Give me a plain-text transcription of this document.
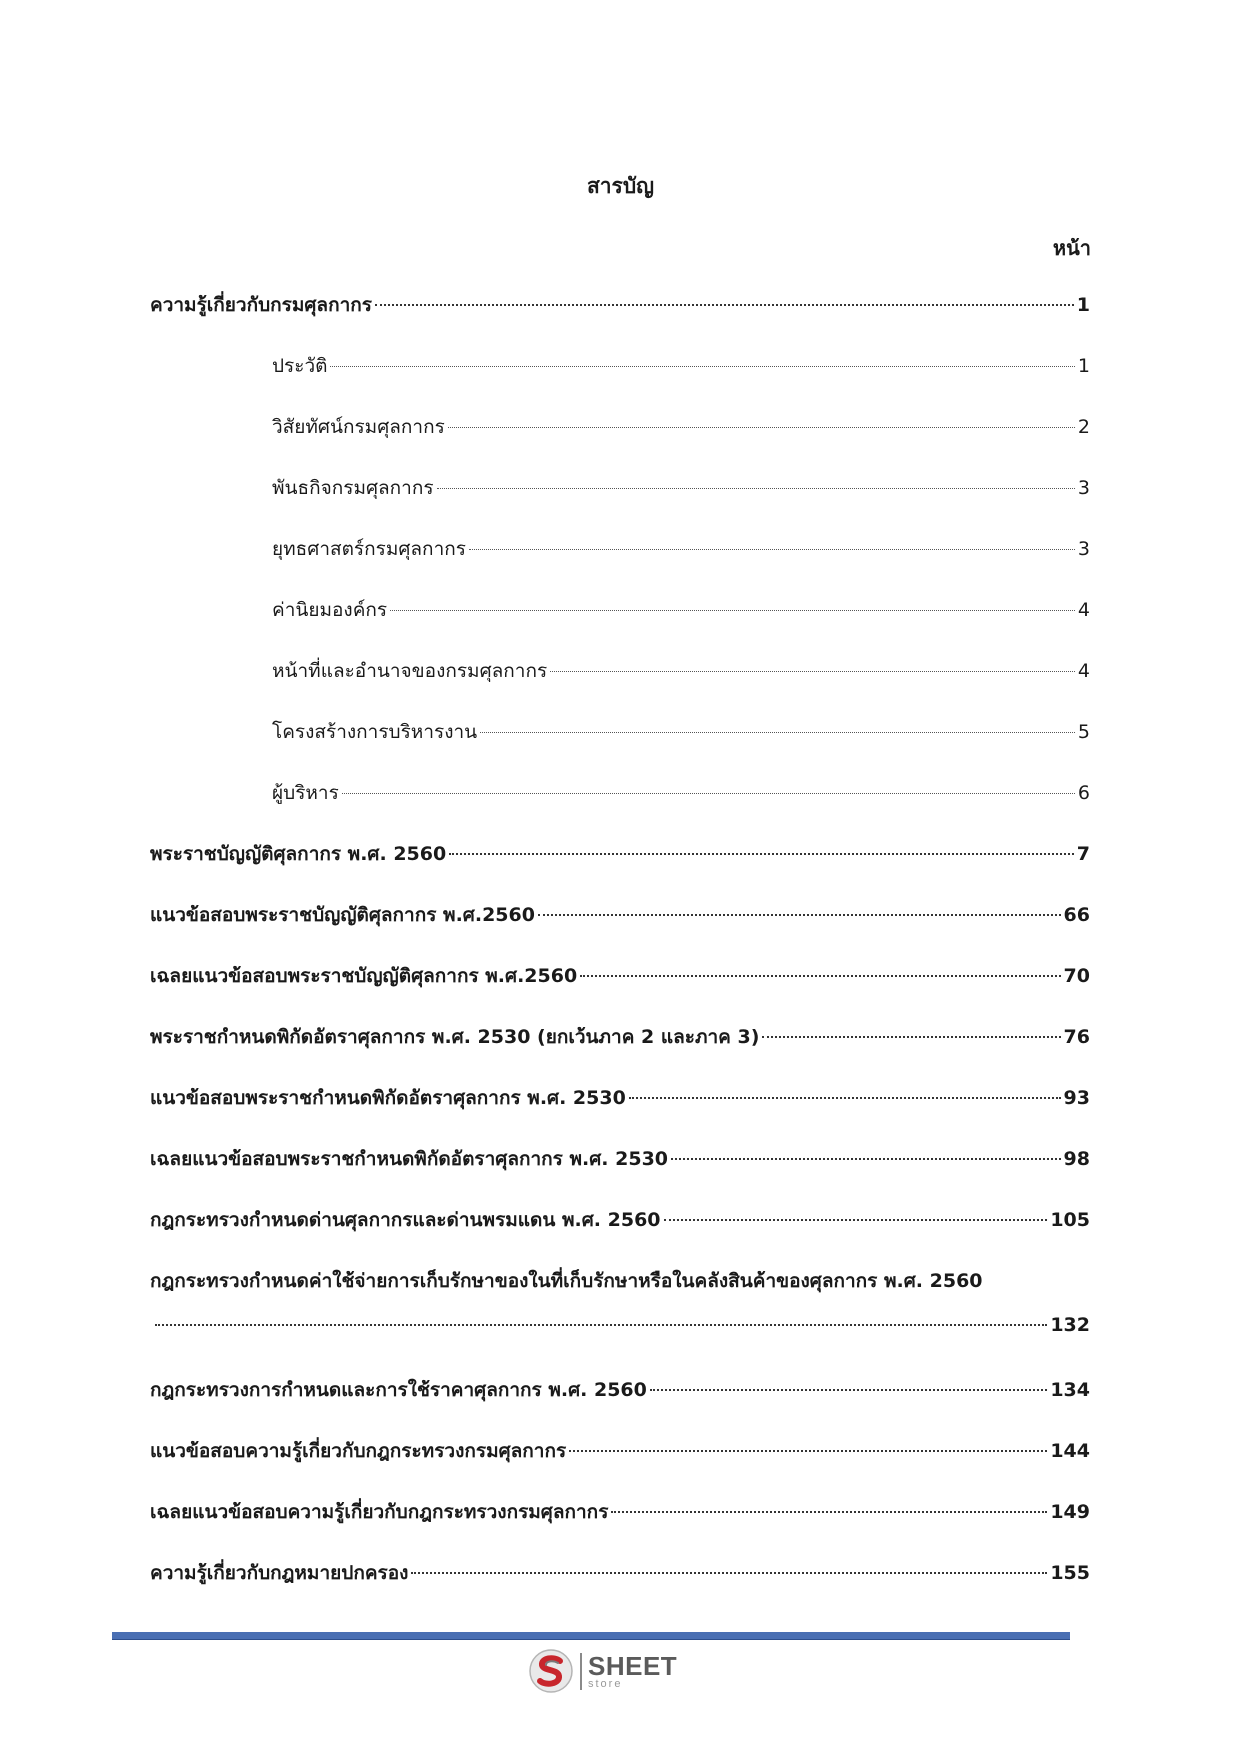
สารบัญ
หน้า
ความรู้เกี่ยวกับกรมศุลกากร	1
ประวัติ	1
วิสัยทัศน์กรมศุลกากร	2
พันธกิจกรมศุลกากร	3
ยุทธศาสตร์กรมศุลกากร	3
ค่านิยมองค์กร	4
หน้าที่และอำนาจของกรมศุลกากร	4
โครงสร้างการบริหารงาน	5
ผู้บริหาร	6
พระราชบัญญัติศุลกากร พ.ศ. 2560	7
แนวข้อสอบพระราชบัญญัติศุลกากร พ.ศ.2560	66
เฉลยแนวข้อสอบพระราชบัญญัติศุลกากร พ.ศ.2560	70
พระราชกำหนดพิกัดอัตราศุลกากร พ.ศ. 2530 (ยกเว้นภาค 2 และภาค 3)	76
แนวข้อสอบพระราชกำหนดพิกัดอัตราศุลกากร พ.ศ. 2530	93
เฉลยแนวข้อสอบพระราชกำหนดพิกัดอัตราศุลกากร พ.ศ. 2530	98
กฎกระทรวงกำหนดด่านศุลกากรและด่านพรมแดน พ.ศ. 2560	105
กฎกระทรวงกำหนดค่าใช้จ่ายการเก็บรักษาของในที่เก็บรักษาหรือในคลังสินค้าของศุลกากร พ.ศ. 2560
132
กฎกระทรวงการกำหนดและการใช้ราคาศุลกากร พ.ศ. 2560	134
แนวข้อสอบความรู้เกี่ยวกับกฎกระทรวงกรมศุลกากร	144
เฉลยแนวข้อสอบความรู้เกี่ยวกับกฎกระทรวงกรมศุลกากร	149
ความรู้เกี่ยวกับกฎหมายปกครอง	155
SHEET
store
